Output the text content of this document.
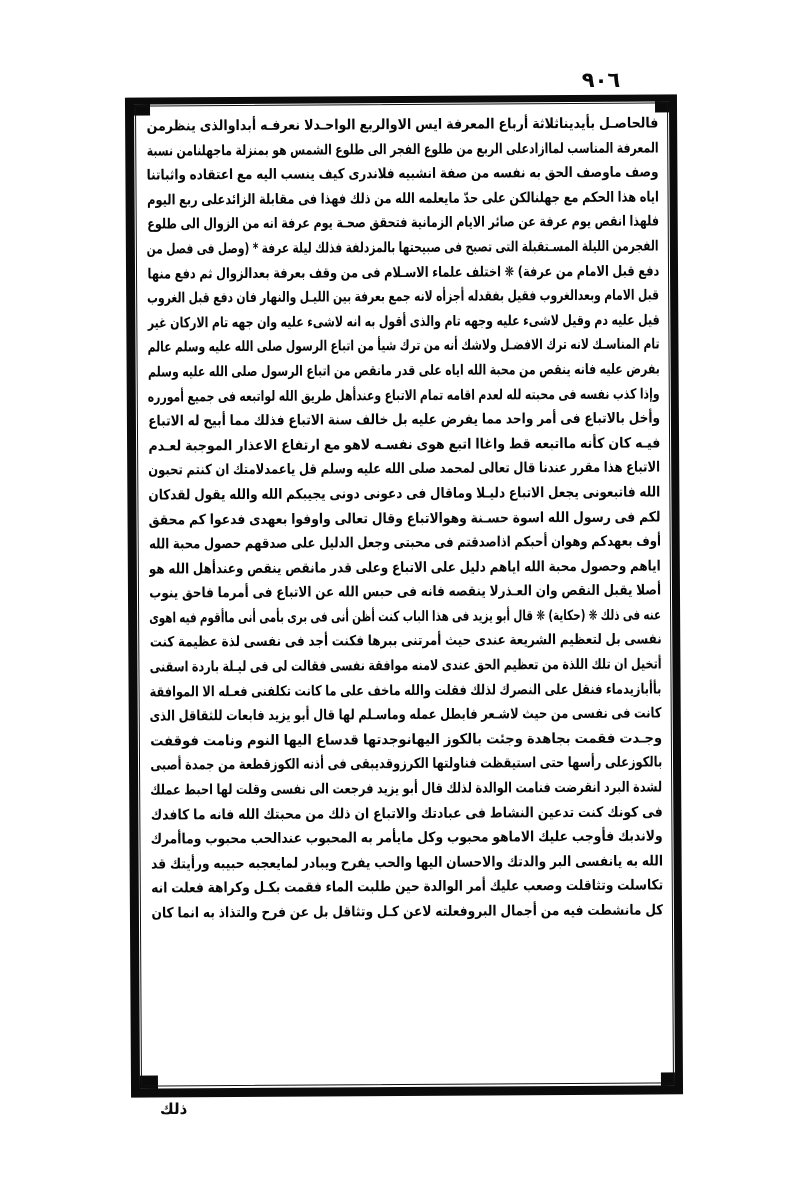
٩٠٦
فالحاصـل بأيديناثلاثة أرباع المعرفة ايس الاوالربع الواحـدلا نعرفـه أبداوالذى ينظرمن
المعرفة المناسب لماازادعلى الربع من طلوع الفجر الى طلوع الشمس هو بمنزلة ماجهلنامن نسبة
وصف ماوصف الحق به نفسه من صفة انشبيه فلاندرى كيف ينسب اليه مع اعتقاده واثباتنا
اياه هذا الحكم مع جهلنالكن على حدّ مايعلمه الله من ذلك فهذا فى مقابلة الزائدعلى ربع اليوم
فلهذا انقص يوم عرفة عن صائر الايام الزمانية فتحقق صحـة يوم عرفة انه من الزوال الى طلوع
الفجرمن الليلة المسـتقبلة التى تصبح فى صبيحتها بالمزدلفة فذلك ليلة عرفة * (وصل فى فصل من
دفع قبل الامام من عرفة) ❋ اختلف علماء الاسـلام فى من وقف بعرفة بعدالزوال ثم دفع منها
قبل الامام وبعدالغروب فقيل بفقدله أجزأه لانه جمع بعرفة بين الليـل والنهار فان دفع قبل الغروب
قيل عليه دم وقيل لاشىء عليه وجهه تام والذى أقول به انه لاشىء عليه وان جهه تام الاركان غير
تام المناسـك لانه ترك الافضـل ولاشك أنه من ترك شيأ من اتباع الرسول صلى الله عليه وسلم عالم
بفرض عليه فانه ينقص من محبة الله اياه على قدر مانقص من اتباع الرسول صلى الله عليه وسلم
وإذا كذب نفسه فى محبته لله لعدم اقامه تمام الاتباع وعندأهل طريق الله لواتبعه فى جميع أمورره
وأخل بالاتباع فى أمر واحد مما يفرض عليه بل خالف سنة الاتباع فذلك مما أبيح له الاتباع
فيـه كان كأنه مااتبعه قط واغاا اتبع هوى نفسـه لاهو مع ارتفاع الاعذار الموجبة لعـدم
الاتباع هذا مقرر عندنا قال تعالى لمحمد صلى الله عليه وسلم قل ياعمدلامتك ان كنتم تحبون
الله فاتبعونى يجعل الاتباع دليـلا وماقال فى دعونى دونى يجيبكم الله والله يقول لقدكان
لكم فى رسول الله اسوة حسـنة وهوالاتباع وقال تعالى واوفوا بعهدى فدعوا كم محقق
أوف بعهدكم وهوان أحبكم اذاصدقتم فى محبتى وجعل الدليل على صدقهم حصول محبة الله
اياهم وحصول محبة الله اياهم دليل على الاتباع وعلى قدر مانقص ينقص وعندأهل الله هو
أصلا يقبل النقص وان العـذرلا ينقصه فانه فى حبس الله عن الاتباع فى أمرما فاحق ينوب
عنه فى ذلك ❋ (حكاية) ❋ قال أبو يزيد فى هذا الباب كنت أظن أنى فى برى بأمى أنى ماأقوم فيه اهوى
نفسى بل لتعظيم الشريعة عندى حيث أمرتنى ببرها فكنت أجد فى نفسى لذة عظيمة كنت
أتخيل ان تلك اللذة من تعظيم الحق عندى لامنه موافقة نفسى فقالت لى فى ليـلة باردة اسقنى
بأأبازيدماء فنقل على النصرك لذلك فقلت والله ماخف على ما كانت تكلفنى فعـله الا الموافقة
كانت فى نفسى من حيث لاشـعر فابطل عمله وماسـلم لها قال أبو يزيد فابعات للثقاقل الذى
وجـدت فقمت بجاهدة وجئت بالكوز اليهانوجدتها قدساع اليها النوم ونامت فوقفت
بالكوزعلى رأسها حتى استيقظت فناولتها الكرزوقديبقى فى أذنه الكوزقطعة من جمدة أصبى
لشدة البرد انقرضت فنامت الوالدة لذلك قال أبو يزيد فرجعت الى نفسى وقلت لها احبط عملك
فى كونك كنت تدعين النشاط فى عبادتك والاتباع ان ذلك من محبتك الله فانه ما كافدك
ولاندبك فأوجب عليك الاماهو محبوب وكل مايأمر به المحبوب عندالحب محبوب وماأمرك
الله به يانفسى البر والدتك والاحسان اليها والحب يفرح ويبادر لمايعجبه حبيبه ورأيتك قد
تكاسلت وتثاقلت وصعب عليك أمر الوالدة حين طلبت الماء فقمت بكـل وكراهة فعلت انه
كل مانشطت فيه من أجمال البروفعلته لاعن كـل وتثاقل بل عن فرح والتذاذ به انما كان
ذلك
